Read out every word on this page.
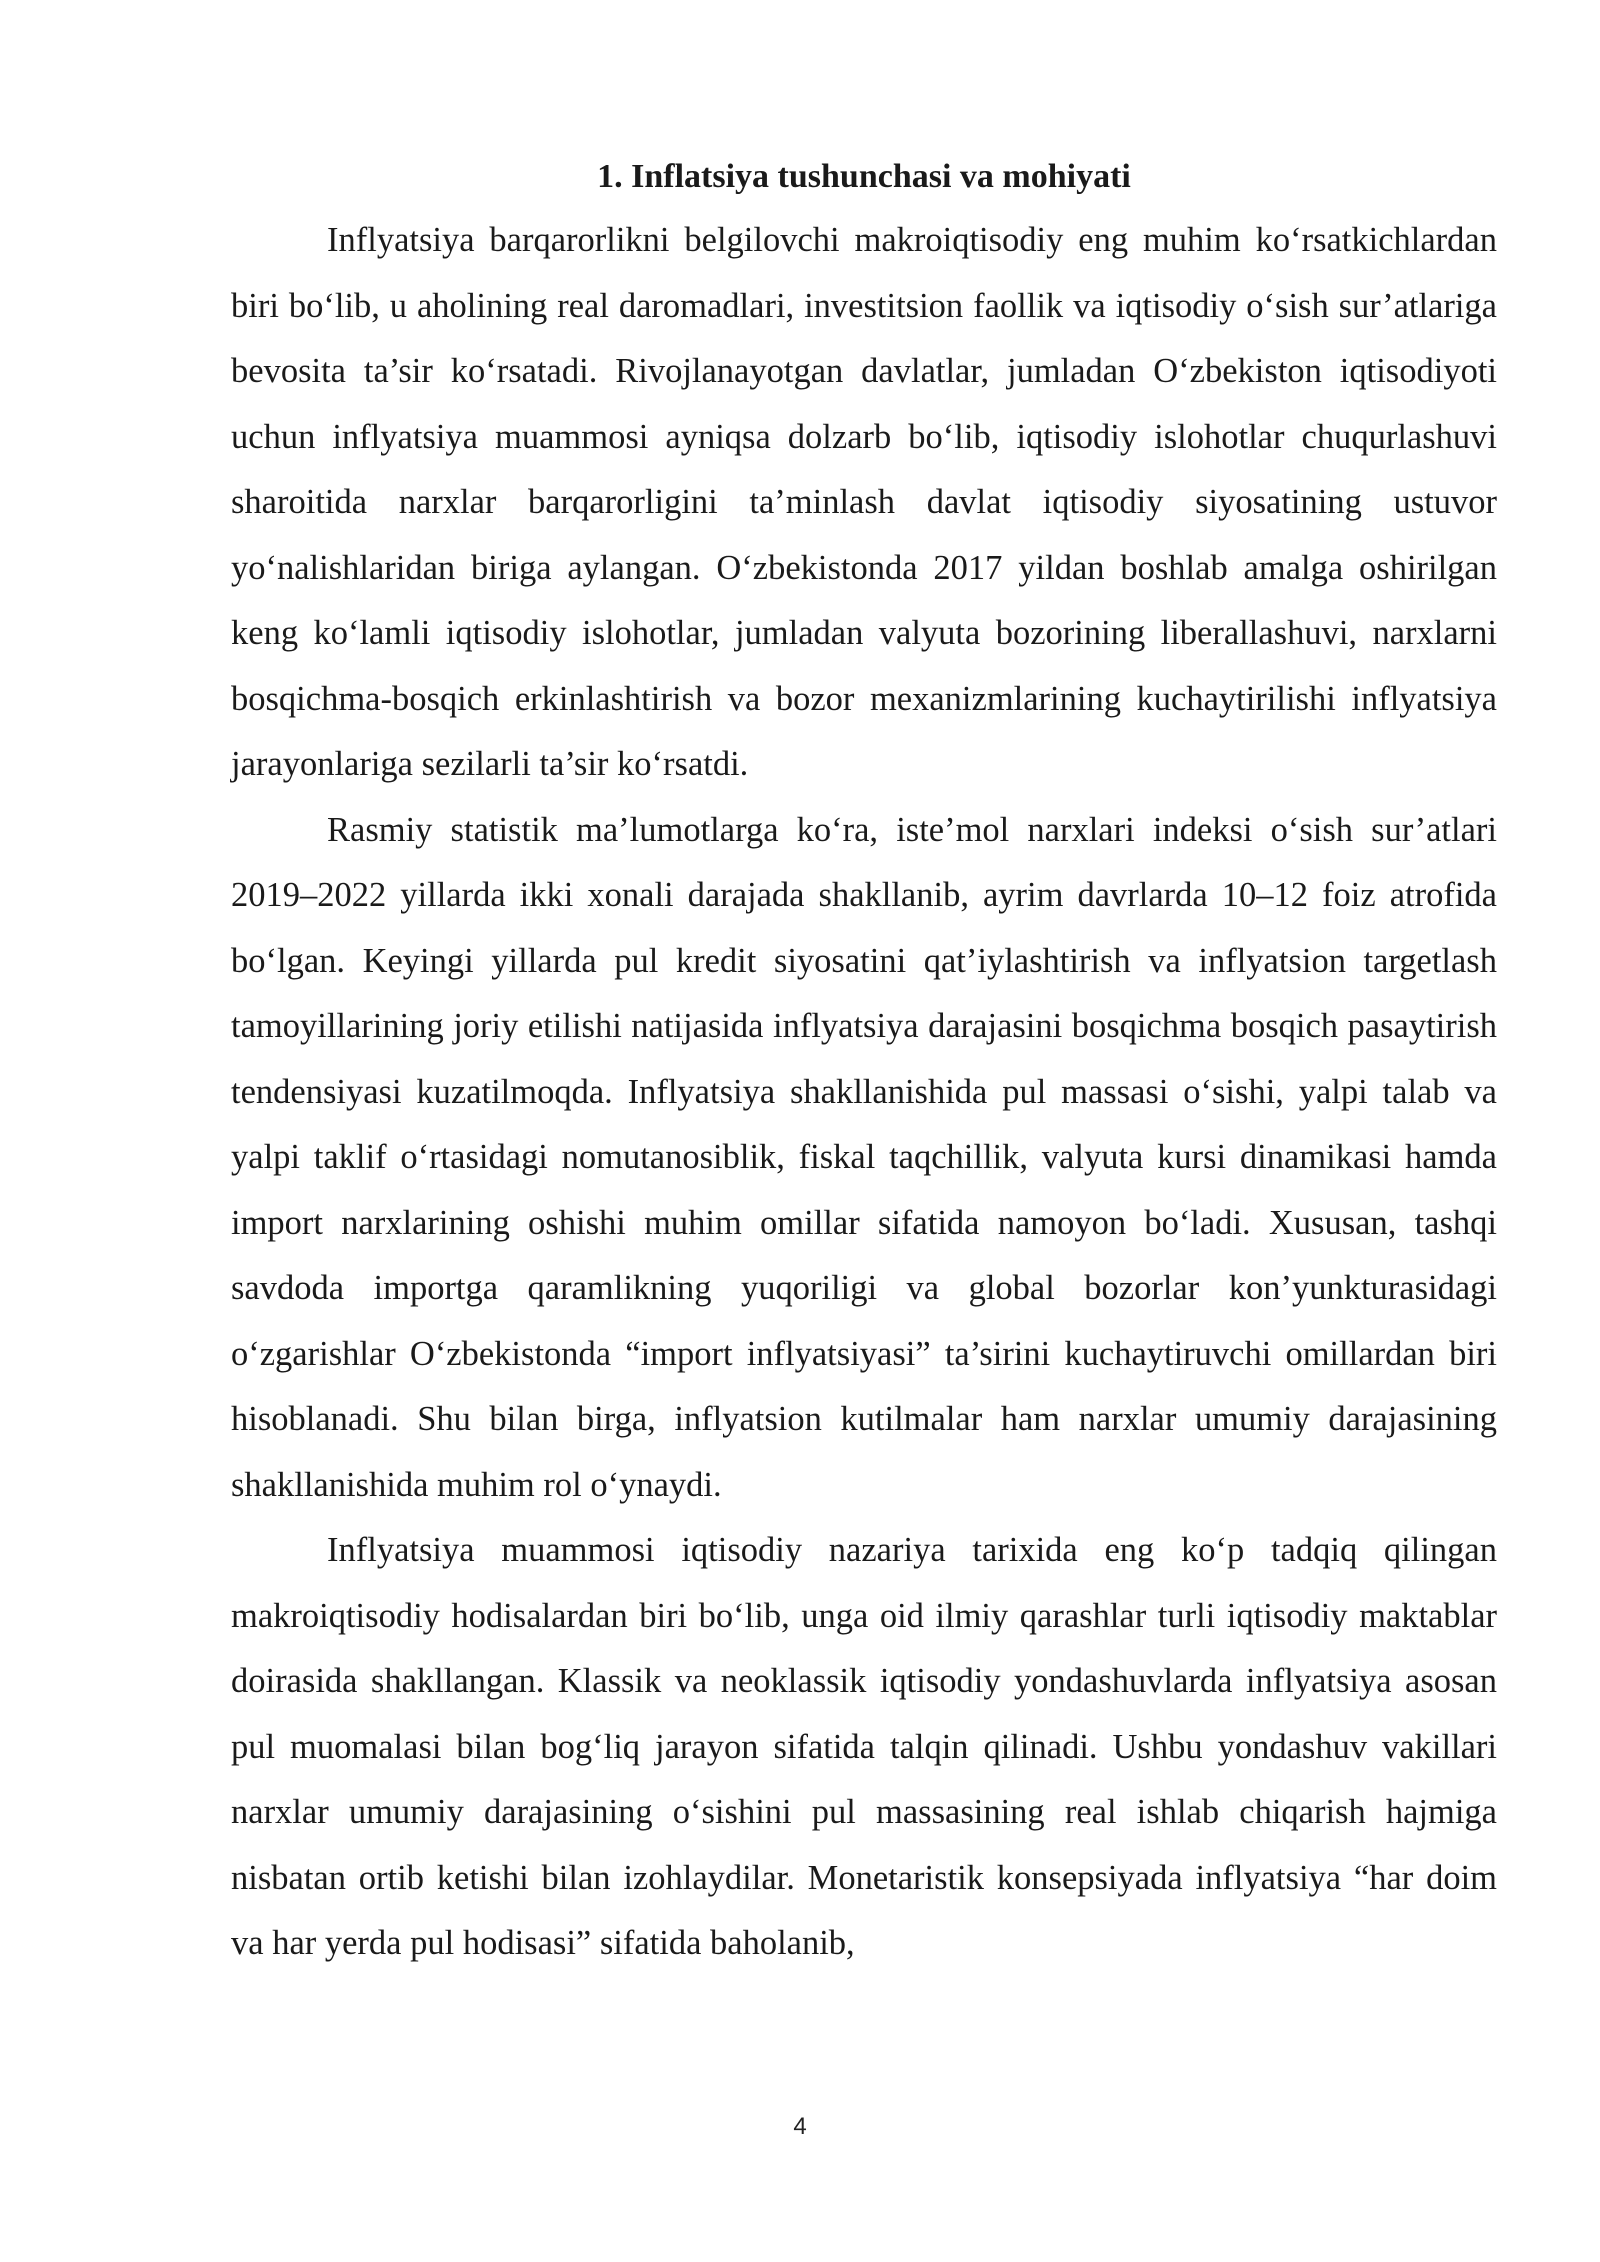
1. Inflatsiya tushunchasi va mohiyati

Inflyatsiya barqarorlikni belgilovchi makroiqtisodiy eng muhim ko‘rsatkichlardan biri bo‘lib, u aholining real daromadlari, investitsion faollik va iqtisodiy o‘sish sur’atlariga bevosita ta’sir ko‘rsatadi. Rivojlanayotgan davlatlar, jumladan O‘zbekiston iqtisodiyoti uchun inflyatsiya muammosi ayniqsa dolzarb bo‘lib, iqtisodiy islohotlar chuqurlashuvi sharoitida narxlar barqarorligini ta’minlash davlat iqtisodiy siyosatining ustuvor yo‘nalishlaridan biriga aylangan. O‘zbekistonda 2017 yildan boshlab amalga oshirilgan keng ko‘lamli iqtisodiy islohotlar, jumladan valyuta bozorining liberallashuvi, narxlarni bosqichma-bosqich erkinlashtirish va bozor mexanizmlarining kuchaytirilishi inflyatsiya jarayonlariga sezilarli ta’sir ko‘rsatdi.

Rasmiy statistik ma’lumotlarga ko‘ra, iste’mol narxlari indeksi o‘sish sur’atlari 2019–2022 yillarda ikki xonali darajada shakllanib, ayrim davrlarda 10–12 foiz atrofida bo‘lgan. Keyingi yillarda pul kredit siyosatini qat’iylashtirish va inflyatsion targetlash tamoyillarining joriy etilishi natijasida inflyatsiya darajasini bosqichma bosqich pasaytirish tendensiyasi kuzatilmoqda. Inflyatsiya shakllanishida pul massasi o‘sishi, yalpi talab va yalpi taklif o‘rtasidagi nomutanosiblik, fiskal taqchillik, valyuta kursi dinamikasi hamda import narxlarining oshishi muhim omillar sifatida namoyon bo‘ladi. Xususan, tashqi savdoda importga qaramlikning yuqoriligi va global bozorlar kon’yunkturasidagi o‘zgarishlar O‘zbekistonda “import inflyatsiyasi” ta’sirini kuchaytiruvchi omillardan biri hisoblanadi. Shu bilan birga, inflyatsion kutilmalar ham narxlar umumiy darajasining shakllanishida muhim rol o‘ynaydi.

Inflyatsiya muammosi iqtisodiy nazariya tarixida eng ko‘p tadqiq qilingan makroiqtisodiy hodisalardan biri bo‘lib, unga oid ilmiy qarashlar turli iqtisodiy maktablar doirasida shakllangan. Klassik va neoklassik iqtisodiy yondashuvlarda inflyatsiya asosan pul muomalasi bilan bog‘liq jarayon sifatida talqin qilinadi. Ushbu yondashuv vakillari narxlar umumiy darajasining o‘sishini pul massasining real ishlab chiqarish hajmiga nisbatan ortib ketishi bilan izohlaydilar. Monetaristik konsepsiyada inflyatsiya “har doim va har yerda pul hodisasi” sifatida baholanib,

4
